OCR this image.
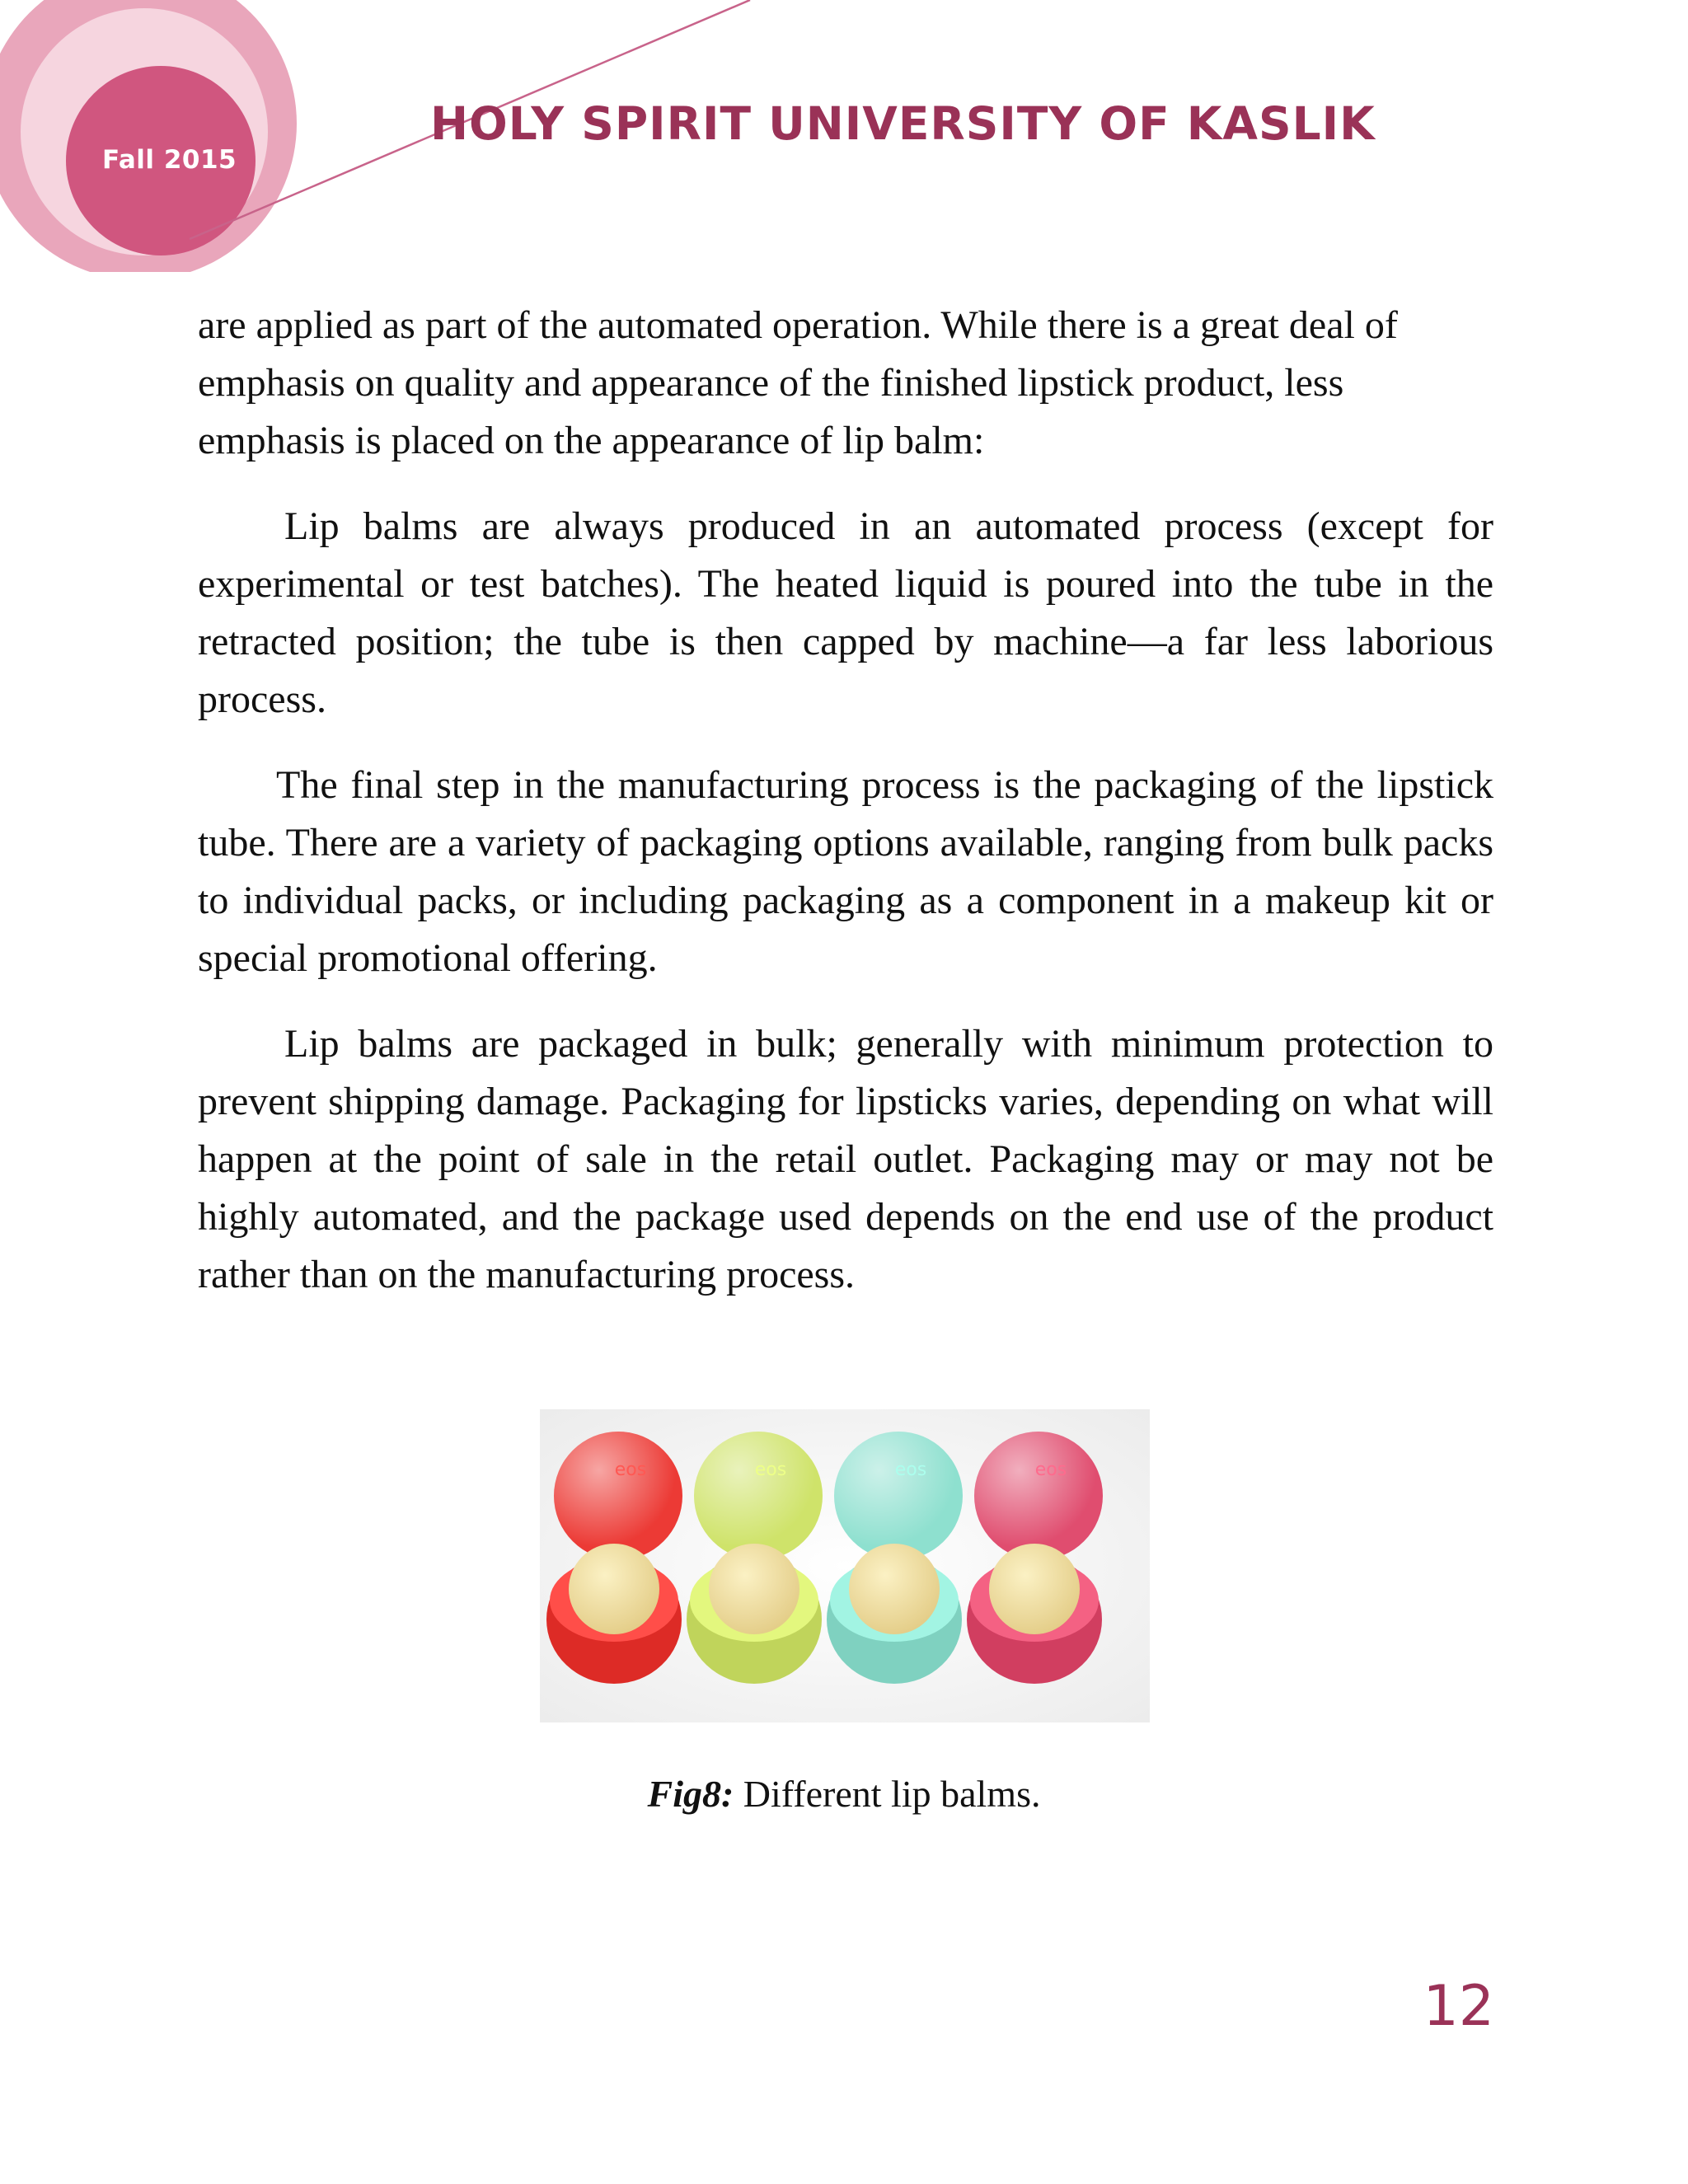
Fall 2015
HOLY SPIRIT UNIVERSITY OF KASLIK

are applied as part of the automated operation. While there is a great deal of emphasis on quality and appearance of the finished lipstick product, less emphasis is placed on the appearance of lip balm:

Lip balms are always produced in an automated process (except for experimental or test batches). The heated liquid is poured into the tube in the retracted position; the tube is then capped by machine—a far less laborious process.

The final step in the manufacturing process is the packaging of the lipstick tube. There are a variety of packaging options available, ranging from bulk packs to individual packs, or including packaging as a component in a makeup kit or special promotional offering.

Lip balms are packaged in bulk; generally with minimum protection to prevent shipping damage. Packaging for lipsticks varies, depending on what will happen at the point of sale in the retail outlet. Packaging may or may not be highly automated, and the package used depends on the end use of the product rather than on the manufacturing process.

eos	eos	eos	eos
Fig8: Different lip balms.
12
